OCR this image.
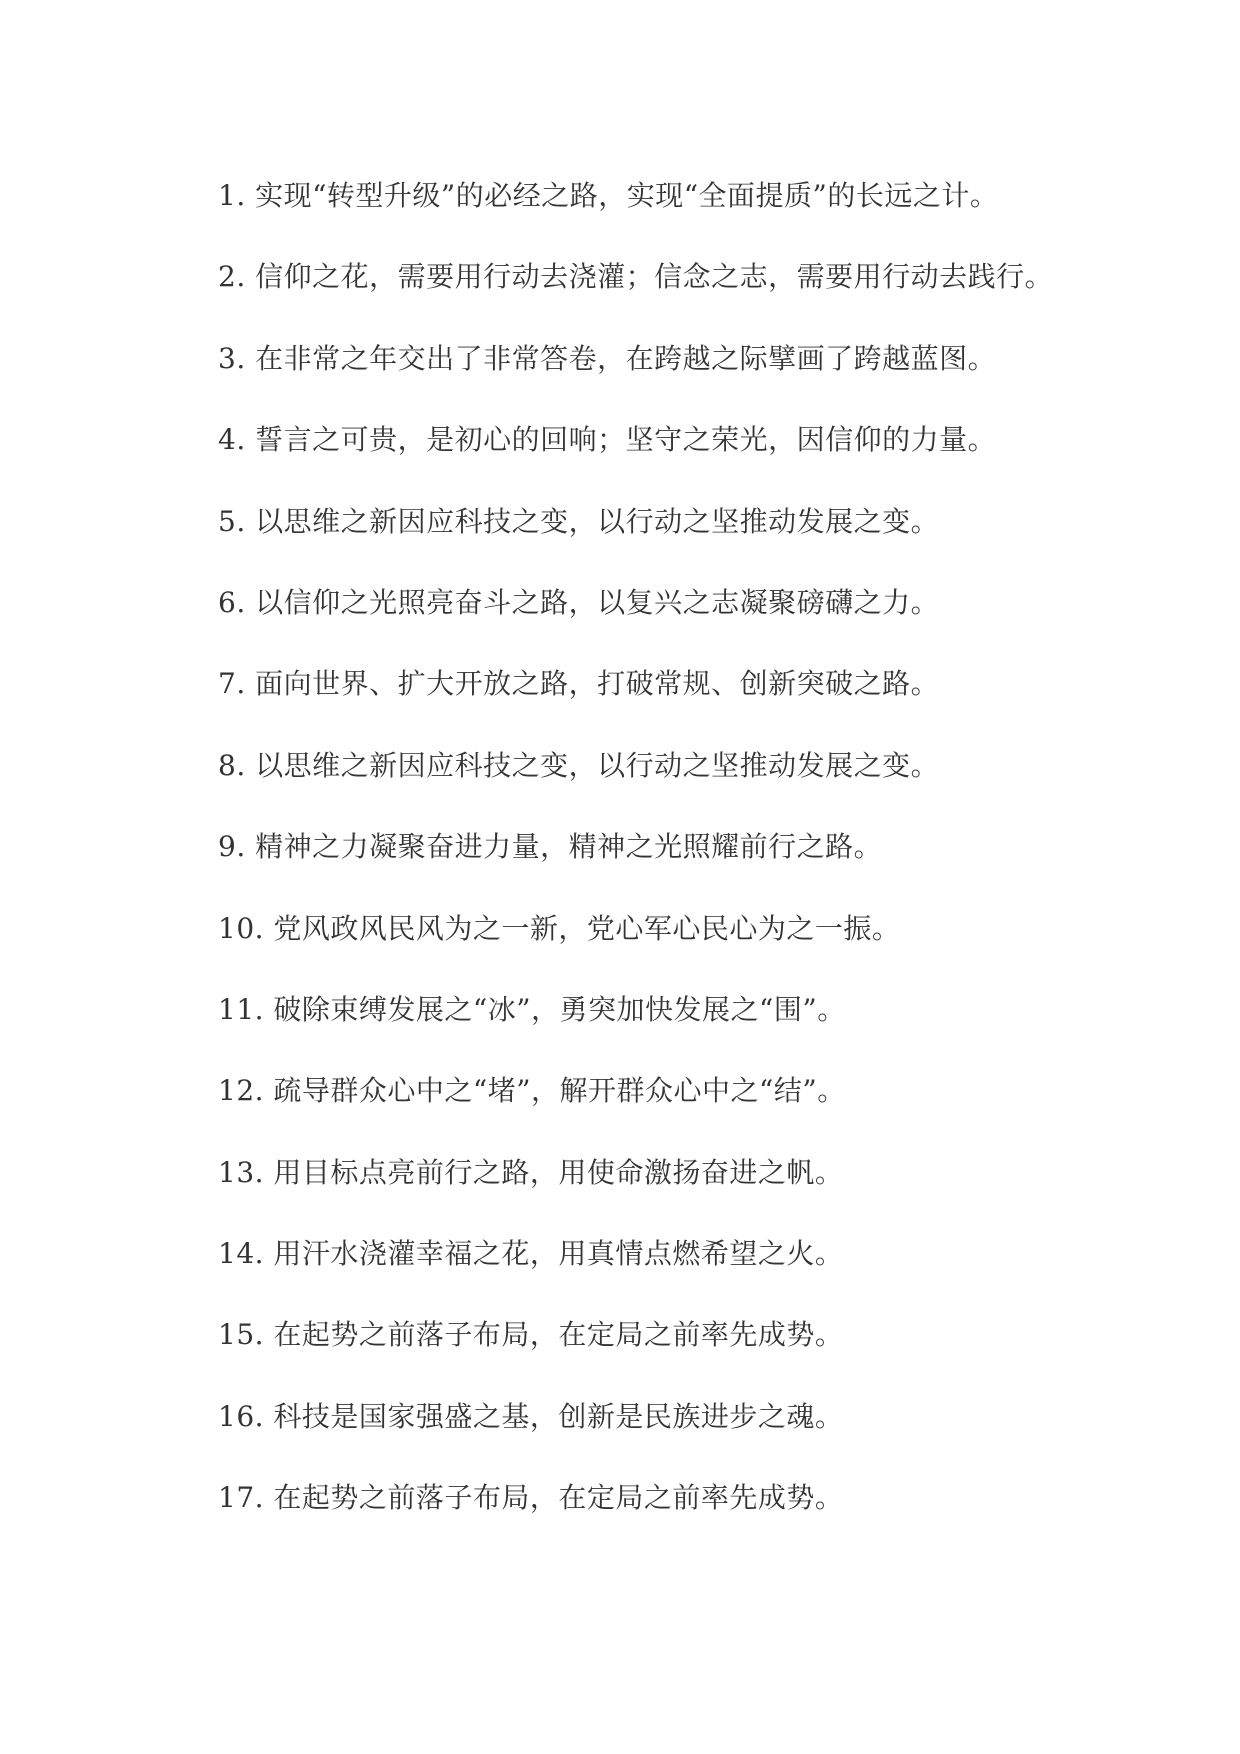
1. 实现“转型升级”的必经之路，实现“全面提质”的长远之计。
2. 信仰之花，需要用行动去浇灌；信念之志，需要用行动去践行。
3. 在非常之年交出了非常答卷，在跨越之际擘画了跨越蓝图。
4. 誓言之可贵，是初心的回响；坚守之荣光，因信仰的力量。
5. 以思维之新因应科技之变，以行动之坚推动发展之变。
6. 以信仰之光照亮奋斗之路，以复兴之志凝聚磅礴之力。
7. 面向世界、扩大开放之路，打破常规、创新突破之路。
8. 以思维之新因应科技之变，以行动之坚推动发展之变。
9. 精神之力凝聚奋进力量，精神之光照耀前行之路。
10. 党风政风民风为之一新，党心军心民心为之一振。
11. 破除束缚发展之“冰”，勇突加快发展之“围”。
12. 疏导群众心中之“堵”，解开群众心中之“结”。
13. 用目标点亮前行之路，用使命激扬奋进之帆。
14. 用汗水浇灌幸福之花，用真情点燃希望之火。
15. 在起势之前落子布局，在定局之前率先成势。
16. 科技是国家强盛之基，创新是民族进步之魂。
17. 在起势之前落子布局，在定局之前率先成势。
